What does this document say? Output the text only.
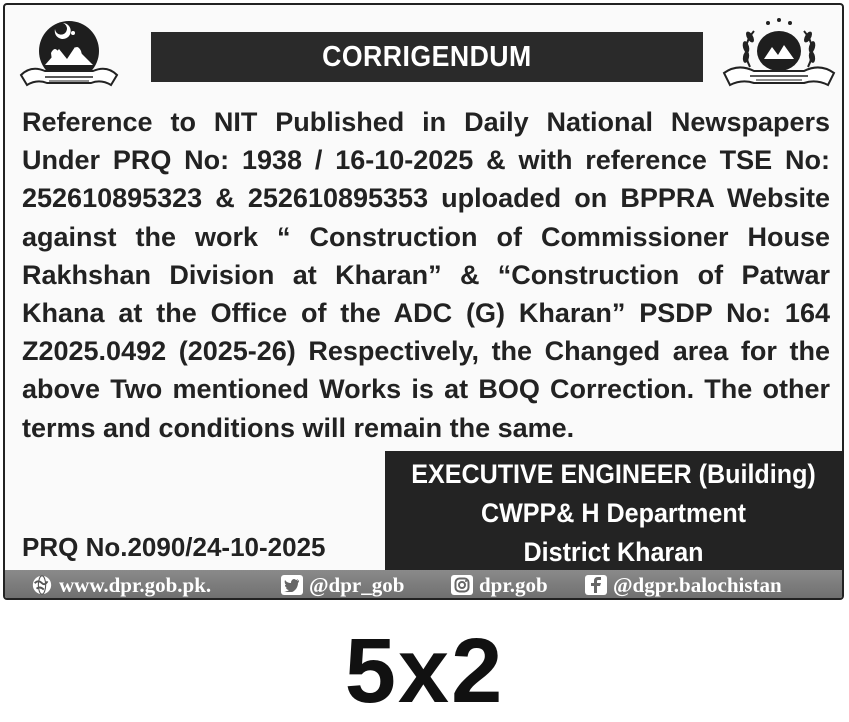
CORRIGENDUM

Reference to NIT Published in Daily National Newspapers Under PRQ No: 1938 / 16-10-2025 & with reference TSE No: 252610895323 & 252610895353 uploaded on BPPRA Website against the work “ Construction of Commissioner House Rakhshan Division at Kharan” & “Construction of Patwar Khana at the Office of the ADC (G) Kharan” PSDP No: 164 Z2025.0492 (2025-26) Respectively, the Changed area for the above Two mentioned Works is at BOQ Correction. The other terms and conditions will remain the same.

PRQ No.2090/24-10-2025
EXECUTIVE ENGINEER (Building)
CWPP& H Department
District Kharan
www.dpr.gob.pk.	@dpr_gob	dpr.gob	@dgpr.balochistan
5x2
